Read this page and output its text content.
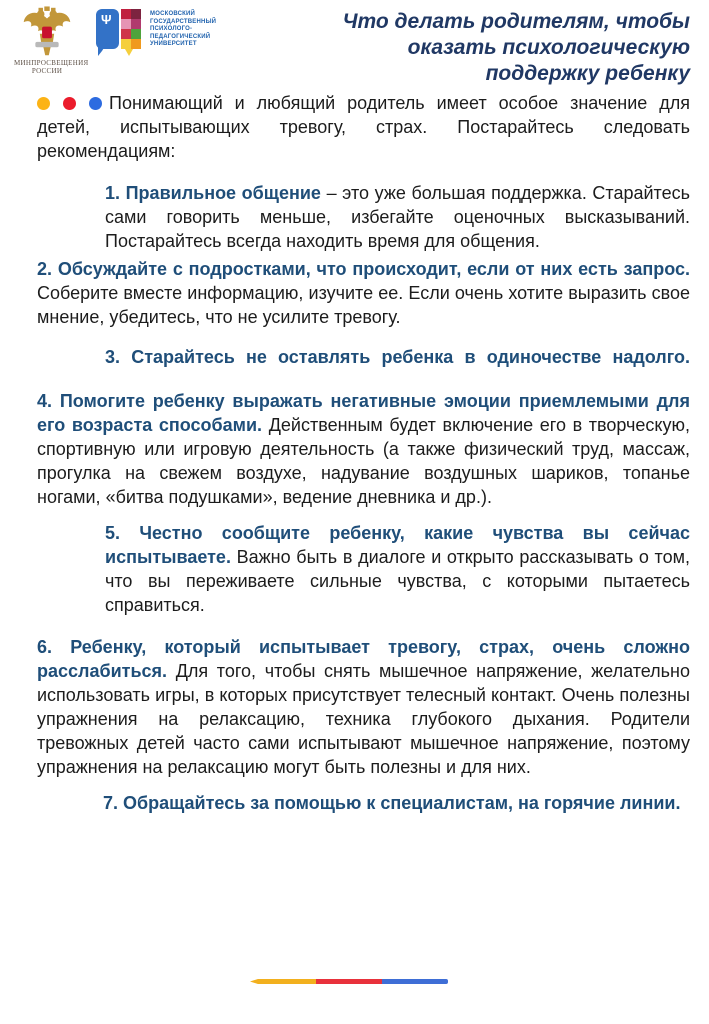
МИНПРОСВЕЩЕНИЯ
РОССИИ
Ψ	МОСКОВСКИЙ
ГОСУДАРСТВЕННЫЙ
ПСИХОЛОГО-
ПЕДАГОГИЧЕСКИЙ
УНИВЕРСИТЕТ
Что делать родителям, чтобы
оказать психологическую
поддержку ребенку

Понимающий и любящий родитель имеет особое значение для детей, испытывающих тревогу, страх. Постарайтесь следовать рекомендациям:

1. Правильное общение – это уже большая поддержка. Старайтесь сами говорить меньше, избегайте оценочных высказываний. Постарайтесь всегда находить время для общения.

2. Обсуждайте с подростками, что происходит, если от них есть запрос. Соберите вместе информацию, изучите ее. Если очень хотите выразить свое мнение, убедитесь, что не усилите тревогу.

3. Старайтесь не оставлять ребенка в одиночестве надолго.

4. Помогите ребенку выражать негативные эмоции приемлемыми для его возраста способами. Действенным будет включение его в творческую, спортивную или игровую деятельность (а также физический труд, массаж, прогулка на свежем воздухе, надувание воздушных шариков, топанье ногами, «битва подушками», ведение дневника и др.).

5. Честно сообщите ребенку, какие чувства вы сейчас испытываете. Важно быть в диалоге и открыто рассказывать о том, что вы переживаете сильные чувства, с которыми пытаетесь справиться.

6. Ребенку, который испытывает тревогу, страх, очень сложно расслабиться. Для того, чтобы снять мышечное напряжение, желательно использовать игры, в которых присутствует телесный контакт. Очень полезны упражнения на релаксацию, техника глубокого дыхания. Родители тревожных детей часто сами испытывают мышечное напряжение, поэтому упражнения на релаксацию могут быть полезны и для них.

7. Обращайтесь за помощью к специалистам, на горячие линии.
